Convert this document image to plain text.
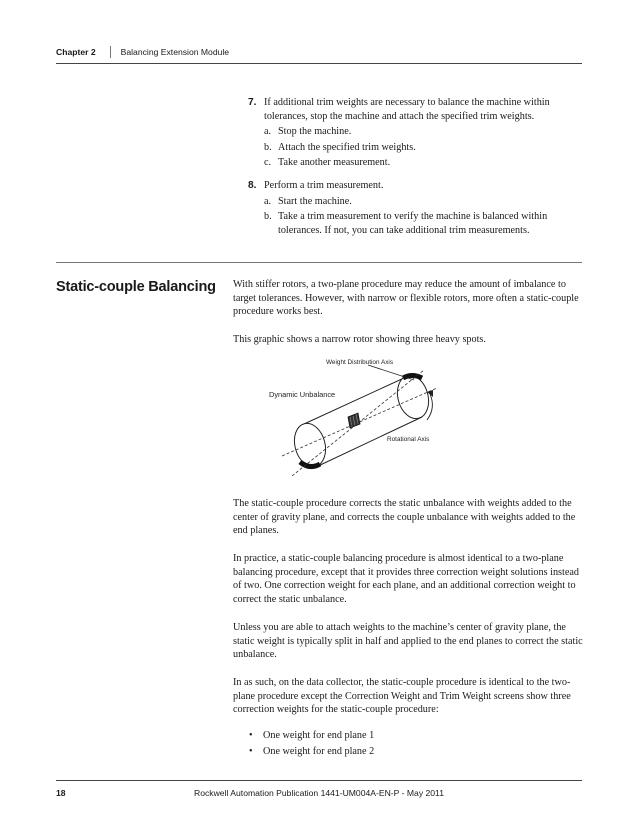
Chapter 2	Balancing Extension Module
7. If additional trim weights are necessary to balance the machine within tolerances, stop the machine and attach the specified trim weights.
a. Stop the machine.
b. Attach the specified trim weights.
c. Take another measurement.
8. Perform a trim measurement.
a. Start the machine.
b. Take a trim measurement to verify the machine is balanced within tolerances. If not, you can take additional trim measurements.
Static-couple Balancing With stiffer rotors, a two-plane procedure may reduce the amount of imbalance to target tolerances. However, with narrow or flexible rotors, more often a static-couple procedure works best.

This graphic shows a narrow rotor showing three heavy spots.

Weight Distribution Axis
Dynamic Unbalance
Rotational Axis

The static-couple procedure corrects the static unbalance with weights added to the center of gravity plane, and corrects the couple unbalance with weights added to the end planes.

In practice, a static-couple balancing procedure is almost identical to a two-plane balancing procedure, except that it provides three correction weight solutions instead of two. One correction weight for each plane, and an additional correction weight to correct the static unbalance.

Unless you are able to attach weights to the machine’s center of gravity plane, the static weight is typically split in half and applied to the end planes to correct the static unbalance.

In as such, on the data collector, the static-couple procedure is identical to the two-plane procedure except the Correction Weight and Trim Weight screens show three correction weights for the static-couple procedure:

• One weight for end plane 1
• One weight for end plane 2
18	Rockwell Automation Publication 1441-UM004A-EN-P - May 2011
